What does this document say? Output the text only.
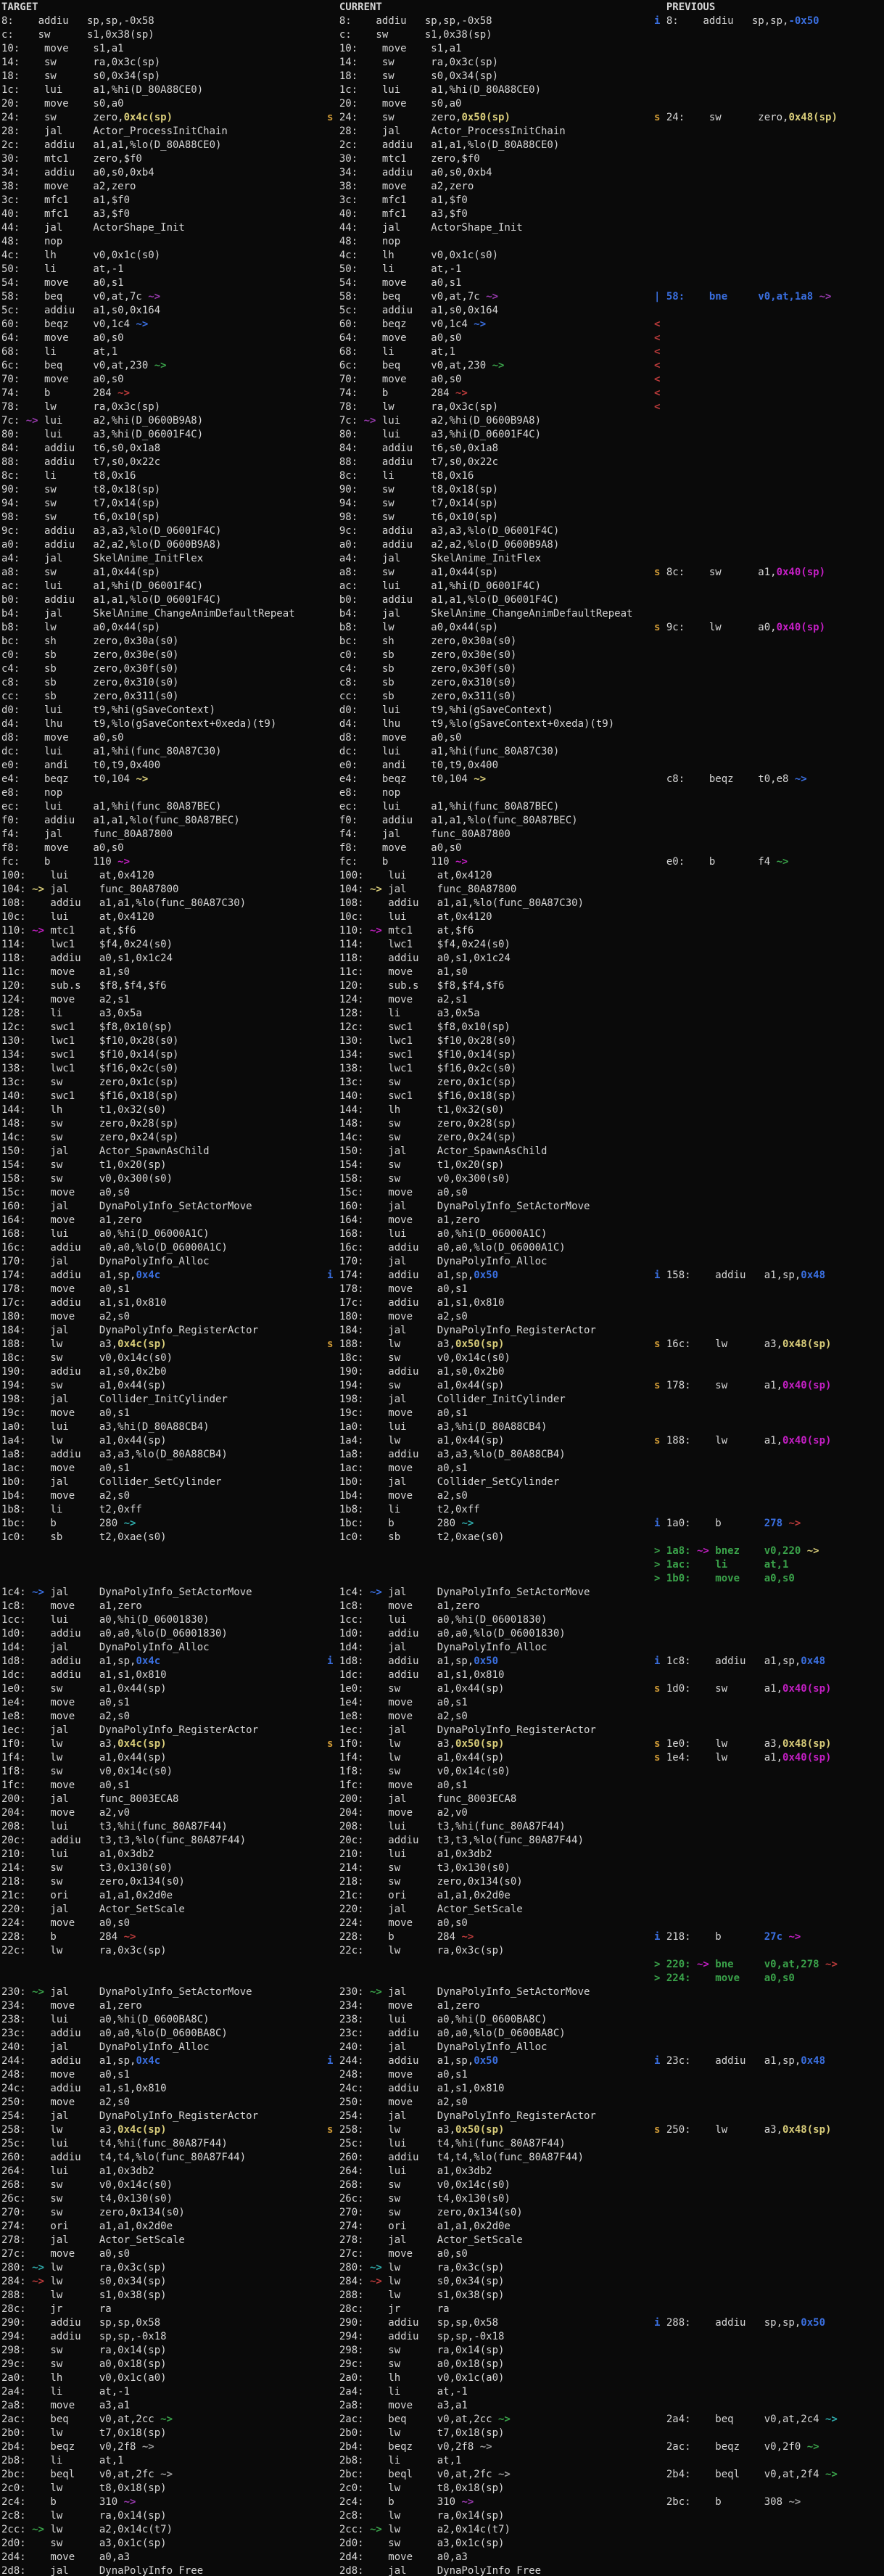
TARGET

	CURRENT

	PREVIOUS

8:    addiu   sp,sp,-0x58	8:    addiu   sp,sp,-0x58	i 8:    addiu   sp,sp,-0x50
c:    sw      s1,0x38(sp)	c:    sw      s1,0x38(sp)
10:    move    s1,a1	10:    move    s1,a1
14:    sw      ra,0x3c(sp)	14:    sw      ra,0x3c(sp)
18:    sw      s0,0x34(sp)	18:    sw      s0,0x34(sp)
1c:    lui     a1,%hi(D_80A88CE0)	1c:    lui     a1,%hi(D_80A88CE0)
20:    move    s0,a0	20:    move    s0,a0
24:    sw      zero,0x4c(sp)	s 24:    sw      zero,0x50(sp)	s 24:    sw      zero,0x48(sp)
28:    jal     Actor_ProcessInitChain	28:    jal     Actor_ProcessInitChain
2c:    addiu   a1,a1,%lo(D_80A88CE0)	2c:    addiu   a1,a1,%lo(D_80A88CE0)
30:    mtc1    zero,$f0	30:    mtc1    zero,$f0
34:    addiu   a0,s0,0xb4	34:    addiu   a0,s0,0xb4
38:    move    a2,zero	38:    move    a2,zero
3c:    mfc1    a1,$f0	3c:    mfc1    a1,$f0
40:    mfc1    a3,$f0	40:    mfc1    a3,$f0
44:    jal     ActorShape_Init	44:    jal     ActorShape_Init
48:    nop	48:    nop
4c:    lh      v0,0x1c(s0)	4c:    lh      v0,0x1c(s0)
50:    li      at,-1	50:    li      at,-1
54:    move    a0,s1	54:    move    a0,s1
58:    beq     v0,at,7c ~>	58:    beq     v0,at,7c ~>	| 58:    bne     v0,at,1a8 ~>
5c:    addiu   a1,s0,0x164	5c:    addiu   a1,s0,0x164
60:    beqz    v0,1c4 ~>	60:    beqz    v0,1c4 ~>	<
64:    move    a0,s0	64:    move    a0,s0	<
68:    li      at,1	68:    li      at,1	<
6c:    beq     v0,at,230 ~>	6c:    beq     v0,at,230 ~>	<
70:    move    a0,s0	70:    move    a0,s0	<
74:    b       284 ~>	74:    b       284 ~>	<
78:    lw      ra,0x3c(sp)	78:    lw      ra,0x3c(sp)	<
7c: ~> lui     a2,%hi(D_0600B9A8)	7c: ~> lui     a2,%hi(D_0600B9A8)
80:    lui     a3,%hi(D_06001F4C)	80:    lui     a3,%hi(D_06001F4C)
84:    addiu   t6,s0,0x1a8	84:    addiu   t6,s0,0x1a8
88:    addiu   t7,s0,0x22c	88:    addiu   t7,s0,0x22c
8c:    li      t8,0x16	8c:    li      t8,0x16
90:    sw      t8,0x18(sp)	90:    sw      t8,0x18(sp)
94:    sw      t7,0x14(sp)	94:    sw      t7,0x14(sp)
98:    sw      t6,0x10(sp)	98:    sw      t6,0x10(sp)
9c:    addiu   a3,a3,%lo(D_06001F4C)	9c:    addiu   a3,a3,%lo(D_06001F4C)
a0:    addiu   a2,a2,%lo(D_0600B9A8)	a0:    addiu   a2,a2,%lo(D_0600B9A8)
a4:    jal     SkelAnime_InitFlex	a4:    jal     SkelAnime_InitFlex
a8:    sw      a1,0x44(sp)	a8:    sw      a1,0x44(sp)	s 8c:    sw      a1,0x40(sp)
ac:    lui     a1,%hi(D_06001F4C)	ac:    lui     a1,%hi(D_06001F4C)
b0:    addiu   a1,a1,%lo(D_06001F4C)	b0:    addiu   a1,a1,%lo(D_06001F4C)
b4:    jal     SkelAnime_ChangeAnimDefaultRepeat	b4:    jal     SkelAnime_ChangeAnimDefaultRepeat
b8:    lw      a0,0x44(sp)	b8:    lw      a0,0x44(sp)	s 9c:    lw      a0,0x40(sp)
bc:    sh      zero,0x30a(s0)	bc:    sh      zero,0x30a(s0)
c0:    sb      zero,0x30e(s0)	c0:    sb      zero,0x30e(s0)
c4:    sb      zero,0x30f(s0)	c4:    sb      zero,0x30f(s0)
c8:    sb      zero,0x310(s0)	c8:    sb      zero,0x310(s0)
cc:    sb      zero,0x311(s0)	cc:    sb      zero,0x311(s0)
d0:    lui     t9,%hi(gSaveContext)	d0:    lui     t9,%hi(gSaveContext)
d4:    lhu     t9,%lo(gSaveContext+0xeda)(t9)	d4:    lhu     t9,%lo(gSaveContext+0xeda)(t9)
d8:    move    a0,s0	d8:    move    a0,s0
dc:    lui     a1,%hi(func_80A87C30)	dc:    lui     a1,%hi(func_80A87C30)
e0:    andi    t0,t9,0x400	e0:    andi    t0,t9,0x400
e4:    beqz    t0,104 ~>	e4:    beqz    t0,104 ~>	c8:    beqz    t0,e8 ~>
e8:    nop	e8:    nop
ec:    lui     a1,%hi(func_80A87BEC)	ec:    lui     a1,%hi(func_80A87BEC)
f0:    addiu   a1,a1,%lo(func_80A87BEC)	f0:    addiu   a1,a1,%lo(func_80A87BEC)
f4:    jal     func_80A87800	f4:    jal     func_80A87800
f8:    move    a0,s0	f8:    move    a0,s0
fc:    b       110 ~>	fc:    b       110 ~>	e0:    b       f4 ~>
100:    lui     at,0x4120	100:    lui     at,0x4120
104: ~> jal     func_80A87800	104: ~> jal     func_80A87800
108:    addiu   a1,a1,%lo(func_80A87C30)	108:    addiu   a1,a1,%lo(func_80A87C30)
10c:    lui     at,0x4120	10c:    lui     at,0x4120
110: ~> mtc1    at,$f6	110: ~> mtc1    at,$f6
114:    lwc1    $f4,0x24(s0)	114:    lwc1    $f4,0x24(s0)
118:    addiu   a0,s1,0x1c24	118:    addiu   a0,s1,0x1c24
11c:    move    a1,s0	11c:    move    a1,s0
120:    sub.s   $f8,$f4,$f6	120:    sub.s   $f8,$f4,$f6
124:    move    a2,s1	124:    move    a2,s1
128:    li      a3,0x5a	128:    li      a3,0x5a
12c:    swc1    $f8,0x10(sp)	12c:    swc1    $f8,0x10(sp)
130:    lwc1    $f10,0x28(s0)	130:    lwc1    $f10,0x28(s0)
134:    swc1    $f10,0x14(sp)	134:    swc1    $f10,0x14(sp)
138:    lwc1    $f16,0x2c(s0)	138:    lwc1    $f16,0x2c(s0)
13c:    sw      zero,0x1c(sp)	13c:    sw      zero,0x1c(sp)
140:    swc1    $f16,0x18(sp)	140:    swc1    $f16,0x18(sp)
144:    lh      t1,0x32(s0)	144:    lh      t1,0x32(s0)
148:    sw      zero,0x28(sp)	148:    sw      zero,0x28(sp)
14c:    sw      zero,0x24(sp)	14c:    sw      zero,0x24(sp)
150:    jal     Actor_SpawnAsChild	150:    jal     Actor_SpawnAsChild
154:    sw      t1,0x20(sp)	154:    sw      t1,0x20(sp)
158:    sw      v0,0x300(s0)	158:    sw      v0,0x300(s0)
15c:    move    a0,s0	15c:    move    a0,s0
160:    jal     DynaPolyInfo_SetActorMove	160:    jal     DynaPolyInfo_SetActorMove
164:    move    a1,zero	164:    move    a1,zero
168:    lui     a0,%hi(D_06000A1C)	168:    lui     a0,%hi(D_06000A1C)
16c:    addiu   a0,a0,%lo(D_06000A1C)	16c:    addiu   a0,a0,%lo(D_06000A1C)
170:    jal     DynaPolyInfo_Alloc	170:    jal     DynaPolyInfo_Alloc
174:    addiu   a1,sp,0x4c	i 174:    addiu   a1,sp,0x50	i 158:    addiu   a1,sp,0x48
178:    move    a0,s1	178:    move    a0,s1
17c:    addiu   a1,s1,0x810	17c:    addiu   a1,s1,0x810
180:    move    a2,s0	180:    move    a2,s0
184:    jal     DynaPolyInfo_RegisterActor	184:    jal     DynaPolyInfo_RegisterActor
188:    lw      a3,0x4c(sp)	s 188:    lw      a3,0x50(sp)	s 16c:    lw      a3,0x48(sp)
18c:    sw      v0,0x14c(s0)	18c:    sw      v0,0x14c(s0)
190:    addiu   a1,s0,0x2b0	190:    addiu   a1,s0,0x2b0
194:    sw      a1,0x44(sp)	194:    sw      a1,0x44(sp)	s 178:    sw      a1,0x40(sp)
198:    jal     Collider_InitCylinder	198:    jal     Collider_InitCylinder
19c:    move    a0,s1	19c:    move    a0,s1
1a0:    lui     a3,%hi(D_80A88CB4)	1a0:    lui     a3,%hi(D_80A88CB4)
1a4:    lw      a1,0x44(sp)	1a4:    lw      a1,0x44(sp)	s 188:    lw      a1,0x40(sp)
1a8:    addiu   a3,a3,%lo(D_80A88CB4)	1a8:    addiu   a3,a3,%lo(D_80A88CB4)
1ac:    move    a0,s1	1ac:    move    a0,s1
1b0:    jal     Collider_SetCylinder	1b0:    jal     Collider_SetCylinder
1b4:    move    a2,s0	1b4:    move    a2,s0
1b8:    li      t2,0xff	1b8:    li      t2,0xff
1bc:    b       280 ~>	1bc:    b       280 ~>	i 1a0:    b       278 ~>
1c0:    sb      t2,0xae(s0)	1c0:    sb      t2,0xae(s0)
> 1a8: ~> bnez    v0,220 ~>
> 1ac:    li      at,1
> 1b0:    move    a0,s0
1c4: ~> jal     DynaPolyInfo_SetActorMove	1c4: ~> jal     DynaPolyInfo_SetActorMove
1c8:    move    a1,zero	1c8:    move    a1,zero
1cc:    lui     a0,%hi(D_06001830)	1cc:    lui     a0,%hi(D_06001830)
1d0:    addiu   a0,a0,%lo(D_06001830)	1d0:    addiu   a0,a0,%lo(D_06001830)
1d4:    jal     DynaPolyInfo_Alloc	1d4:    jal     DynaPolyInfo_Alloc
1d8:    addiu   a1,sp,0x4c	i 1d8:    addiu   a1,sp,0x50	i 1c8:    addiu   a1,sp,0x48
1dc:    addiu   a1,s1,0x810	1dc:    addiu   a1,s1,0x810
1e0:    sw      a1,0x44(sp)	1e0:    sw      a1,0x44(sp)	s 1d0:    sw      a1,0x40(sp)
1e4:    move    a0,s1	1e4:    move    a0,s1
1e8:    move    a2,s0	1e8:    move    a2,s0
1ec:    jal     DynaPolyInfo_RegisterActor	1ec:    jal     DynaPolyInfo_RegisterActor
1f0:    lw      a3,0x4c(sp)	s 1f0:    lw      a3,0x50(sp)	s 1e0:    lw      a3,0x48(sp)
1f4:    lw      a1,0x44(sp)	1f4:    lw      a1,0x44(sp)	s 1e4:    lw      a1,0x40(sp)
1f8:    sw      v0,0x14c(s0)	1f8:    sw      v0,0x14c(s0)
1fc:    move    a0,s1	1fc:    move    a0,s1
200:    jal     func_8003ECA8	200:    jal     func_8003ECA8
204:    move    a2,v0	204:    move    a2,v0
208:    lui     t3,%hi(func_80A87F44)	208:    lui     t3,%hi(func_80A87F44)
20c:    addiu   t3,t3,%lo(func_80A87F44)	20c:    addiu   t3,t3,%lo(func_80A87F44)
210:    lui     a1,0x3db2	210:    lui     a1,0x3db2
214:    sw      t3,0x130(s0)	214:    sw      t3,0x130(s0)
218:    sw      zero,0x134(s0)	218:    sw      zero,0x134(s0)
21c:    ori     a1,a1,0x2d0e	21c:    ori     a1,a1,0x2d0e
220:    jal     Actor_SetScale	220:    jal     Actor_SetScale
224:    move    a0,s0	224:    move    a0,s0
228:    b       284 ~>	228:    b       284 ~>	i 218:    b       27c ~>
22c:    lw      ra,0x3c(sp)	22c:    lw      ra,0x3c(sp)
> 220: ~> bne     v0,at,278 ~>
> 224:    move    a0,s0
230: ~> jal     DynaPolyInfo_SetActorMove	230: ~> jal     DynaPolyInfo_SetActorMove
234:    move    a1,zero	234:    move    a1,zero
238:    lui     a0,%hi(D_0600BA8C)	238:    lui     a0,%hi(D_0600BA8C)
23c:    addiu   a0,a0,%lo(D_0600BA8C)	23c:    addiu   a0,a0,%lo(D_0600BA8C)
240:    jal     DynaPolyInfo_Alloc	240:    jal     DynaPolyInfo_Alloc
244:    addiu   a1,sp,0x4c	i 244:    addiu   a1,sp,0x50	i 23c:    addiu   a1,sp,0x48
248:    move    a0,s1	248:    move    a0,s1
24c:    addiu   a1,s1,0x810	24c:    addiu   a1,s1,0x810
250:    move    a2,s0	250:    move    a2,s0
254:    jal     DynaPolyInfo_RegisterActor	254:    jal     DynaPolyInfo_RegisterActor
258:    lw      a3,0x4c(sp)	s 258:    lw      a3,0x50(sp)	s 250:    lw      a3,0x48(sp)
25c:    lui     t4,%hi(func_80A87F44)	25c:    lui     t4,%hi(func_80A87F44)
260:    addiu   t4,t4,%lo(func_80A87F44)	260:    addiu   t4,t4,%lo(func_80A87F44)
264:    lui     a1,0x3db2	264:    lui     a1,0x3db2
268:    sw      v0,0x14c(s0)	268:    sw      v0,0x14c(s0)
26c:    sw      t4,0x130(s0)	26c:    sw      t4,0x130(s0)
270:    sw      zero,0x134(s0)	270:    sw      zero,0x134(s0)
274:    ori     a1,a1,0x2d0e	274:    ori     a1,a1,0x2d0e
278:    jal     Actor_SetScale	278:    jal     Actor_SetScale
27c:    move    a0,s0	27c:    move    a0,s0
280: ~> lw      ra,0x3c(sp)	280: ~> lw      ra,0x3c(sp)
284: ~> lw      s0,0x34(sp)	284: ~> lw      s0,0x34(sp)
288:    lw      s1,0x38(sp)	288:    lw      s1,0x38(sp)
28c:    jr      ra	28c:    jr      ra
290:    addiu   sp,sp,0x58	290:    addiu   sp,sp,0x58	i 288:    addiu   sp,sp,0x50
294:    addiu   sp,sp,-0x18	294:    addiu   sp,sp,-0x18
298:    sw      ra,0x14(sp)	298:    sw      ra,0x14(sp)
29c:    sw      a0,0x18(sp)	29c:    sw      a0,0x18(sp)
2a0:    lh      v0,0x1c(a0)	2a0:    lh      v0,0x1c(a0)
2a4:    li      at,-1	2a4:    li      at,-1
2a8:    move    a3,a1	2a8:    move    a3,a1
2ac:    beq     v0,at,2cc ~>	2ac:    beq     v0,at,2cc ~>	2a4:    beq     v0,at,2c4 ~>
2b0:    lw      t7,0x18(sp)	2b0:    lw      t7,0x18(sp)
2b4:    beqz    v0,2f8 ~>	2b4:    beqz    v0,2f8 ~>	2ac:    beqz    v0,2f0 ~>
2b8:    li      at,1	2b8:    li      at,1
2bc:    beql    v0,at,2fc ~>	2bc:    beql    v0,at,2fc ~>	2b4:    beql    v0,at,2f4 ~>
2c0:    lw      t8,0x18(sp)	2c0:    lw      t8,0x18(sp)
2c4:    b       310 ~>	2c4:    b       310 ~>	2bc:    b       308 ~>
2c8:    lw      ra,0x14(sp)	2c8:    lw      ra,0x14(sp)
2cc: ~> lw      a2,0x14c(t7)	2cc: ~> lw      a2,0x14c(t7)
2d0:    sw      a3,0x1c(sp)	2d0:    sw      a3,0x1c(sp)
2d4:    move    a0,a3	2d4:    move    a0,a3
2d8:    jal     DynaPolyInfo_Free	2d8:    jal     DynaPolyInfo_Free
